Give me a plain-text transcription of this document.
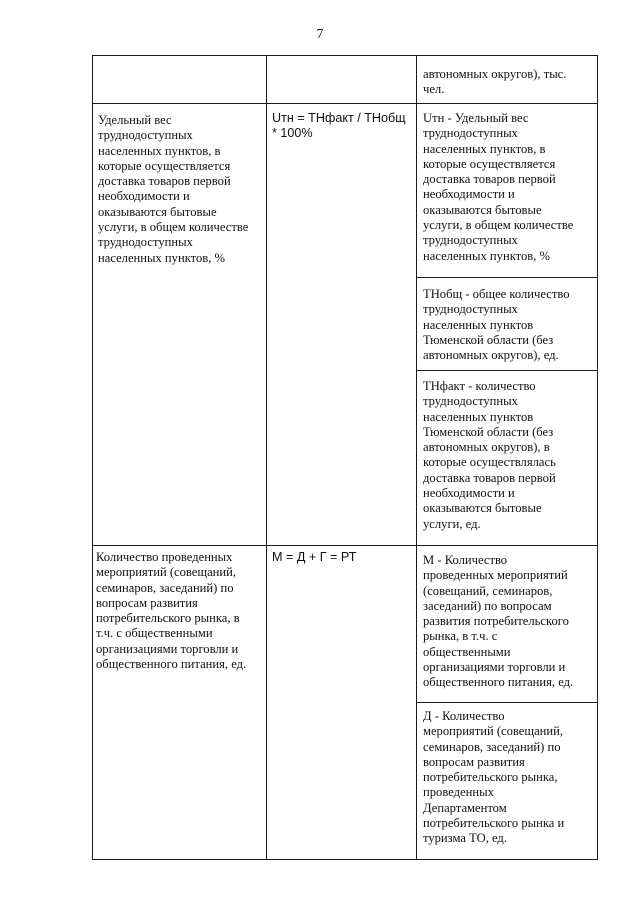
7
автономных округов), тыс.
чел.
Удельный вес
труднодоступных
населенных пунктов, в
которые осуществляется
доставка товаров первой
необходимости и
оказываются бытовые
услуги, в общем количестве
труднодоступных
населенных пунктов, %
Uтн = ТНфакт / ТНобщ
* 100%
Uтн - Удельный вес
труднодоступных
населенных пунктов, в
которые осуществляется
доставка товаров первой
необходимости и
оказываются бытовые
услуги, в общем количестве
труднодоступных
населенных пунктов, %
ТНобщ - общее количество
труднодоступных
населенных пунктов
Тюменской области (без
автономных округов), ед.
ТНфакт - количество
труднодоступных
населенных пунктов
Тюменской области (без
автономных округов), в
которые осуществлялась
доставка товаров первой
необходимости и
оказываются бытовые
услуги, ед.
Количество проведенных
мероприятий (совещаний,
семинаров, заседаний) по
вопросам развития
потребительского рынка, в
т.ч. с общественными
организациями торговли и
общественного питания, ед.
М = Д + Г = РТ	М - Количество
проведенных мероприятий
(совещаний, семинаров,
заседаний) по вопросам
развития потребительского
рынка, в т.ч. с
общественными
организациями торговли и
общественного питания, ед.
Д - Количество
мероприятий (совещаний,
семинаров, заседаний) по
вопросам развития
потребительского рынка,
проведенных
Департаментом
потребительского рынка и
туризма ТО, ед.
